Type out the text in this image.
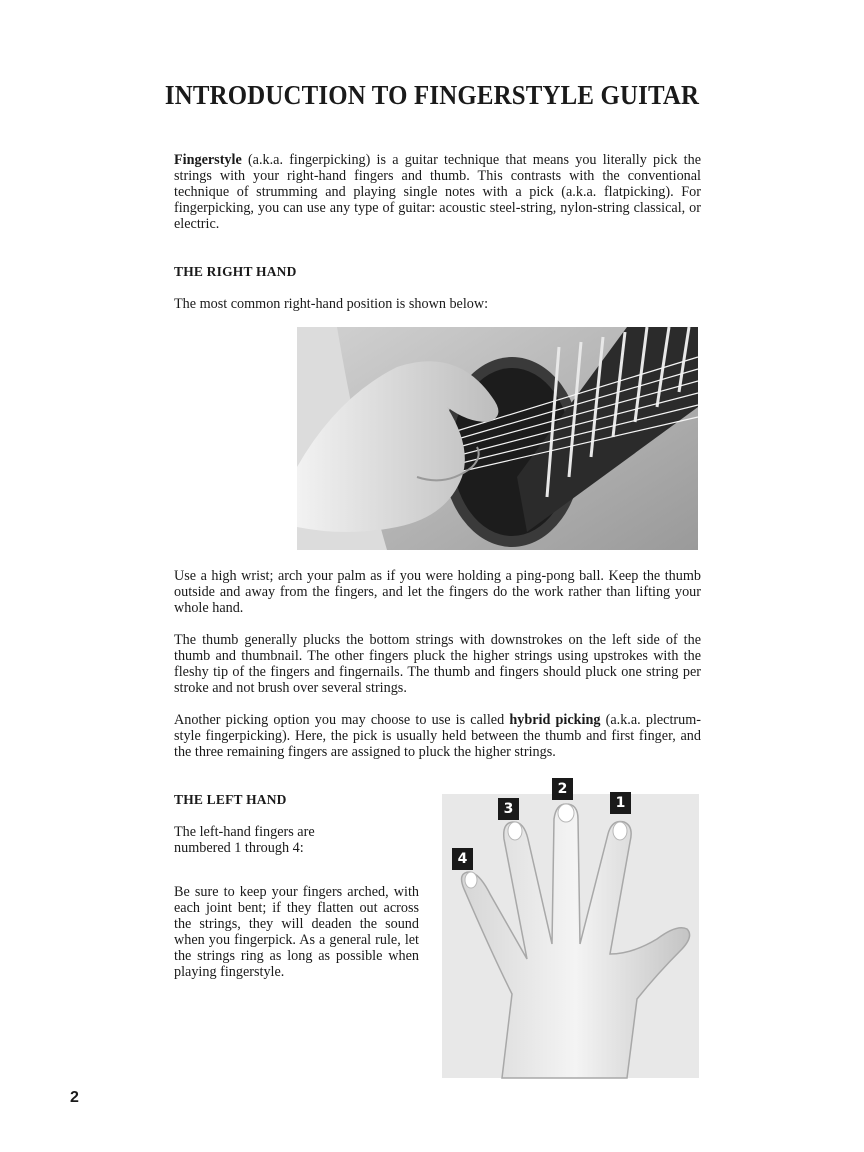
INTRODUCTION TO FINGERSTYLE GUITAR

Fingerstyle (a.k.a. fingerpicking) is a guitar technique that means you literally pick the strings with your right-hand fingers and thumb. This contrasts with the conventional technique of strumming and playing single notes with a pick (a.k.a. flatpicking). For fingerpicking, you can use any type of guitar: acoustic steel-string, nylon-string classical, or electric.

THE RIGHT HAND

The most common right-hand position is shown below:

Use a high wrist; arch your palm as if you were holding a ping-pong ball. Keep the thumb outside and away from the fingers, and let the fingers do the work rather than lifting your whole hand.

The thumb generally plucks the bottom strings with downstrokes on the left side of the thumb and thumbnail. The other fingers pluck the higher strings using upstrokes with the fleshy tip of the fingers and fingernails. The thumb and fingers should pluck one string per stroke and not brush over several strings.

Another picking option you may choose to use is called hybrid picking (a.k.a. plectrum-style fingerpicking). Here, the pick is usually held between the thumb and first finger, and the three remaining fingers are assigned to pluck the higher strings.

THE LEFT HAND

The left-hand fingers are numbered 1 through 4:

Be sure to keep your fingers arched, with each joint bent; if they flatten out across the strings, they will deaden the sound when you fingerpick. As a general rule, let the strings ring as long as possible when playing fingerstyle.

1
2
3
4
2
